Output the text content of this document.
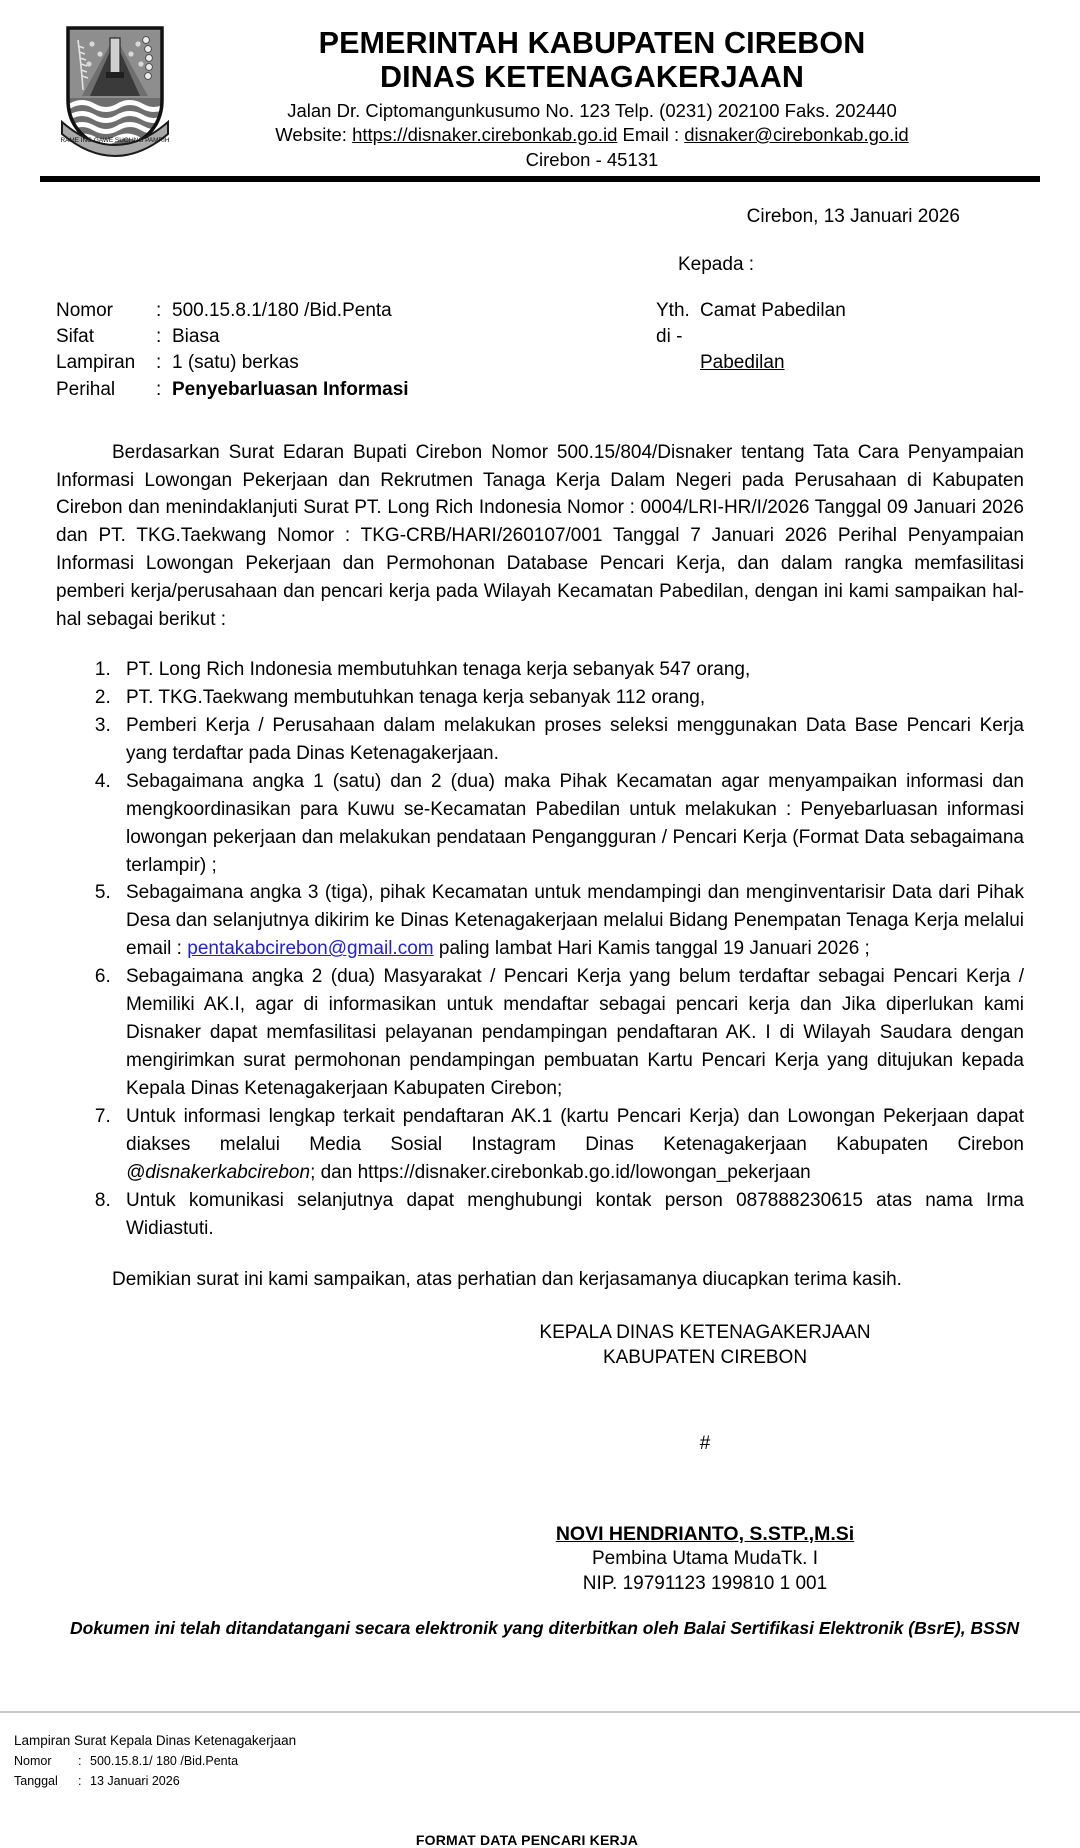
RAME ING GAWE SUCI ING PAMRIH
PEMERINTAH KABUPATEN CIREBON
DINAS KETENAGAKERJAAN
Jalan Dr. Ciptomangunkusumo No. 123 Telp. (0231) 202100 Faks. 202440
Website: https://disnaker.cirebonkab.go.id Email : disnaker@cirebonkab.go.id
Cirebon - 45131
Cirebon, 13 Januari 2026
Kepada :
Nomor	:	500.15.8.1/180 /Bid.Penta
Sifat	:	Biasa
Lampiran	:	1 (satu) berkas
Perihal	:	Penyebarluasan Informasi
Yth. Camat Pabedilan
di -
Pabedilan

Berdasarkan Surat Edaran Bupati Cirebon Nomor 500.15/804/Disnaker tentang Tata Cara Penyampaian Informasi Lowongan Pekerjaan dan Rekrutmen Tanaga Kerja Dalam Negeri pada Perusahaan di Kabupaten Cirebon dan menindaklanjuti Surat PT. Long Rich Indonesia Nomor : 0004/LRI-HR/I/2026 Tanggal 09 Januari 2026 dan PT. TKG.Taekwang Nomor : TKG-CRB/HARI/260107/001 Tanggal 7 Januari 2026 Perihal Penyampaian Informasi Lowongan Pekerjaan dan Permohonan Database Pencari Kerja, dan dalam rangka memfasilitasi pemberi kerja/perusahaan dan pencari kerja pada Wilayah Kecamatan Pabedilan, dengan ini kami sampaikan hal-hal sebagai berikut :

1. PT. Long Rich Indonesia membutuhkan tenaga kerja sebanyak 547 orang,
2. PT. TKG.Taekwang membutuhkan tenaga kerja sebanyak 112 orang,
3. Pemberi Kerja / Perusahaan dalam melakukan proses seleksi menggunakan Data Base Pencari Kerja yang terdaftar pada Dinas Ketenagakerjaan.
4. Sebagaimana angka 1 (satu) dan 2 (dua) maka Pihak Kecamatan agar menyampaikan informasi dan mengkoordinasikan para Kuwu se-Kecamatan Pabedilan untuk melakukan : Penyebarluasan informasi lowongan pekerjaan dan melakukan pendataan Pengangguran / Pencari Kerja (Format Data sebagaimana terlampir) ;
5. Sebagaimana angka 3 (tiga), pihak Kecamatan untuk mendampingi dan menginventarisir Data dari Pihak Desa dan selanjutnya dikirim ke Dinas Ketenagakerjaan melalui Bidang Penempatan Tenaga Kerja melalui email : pentakabcirebon@gmail.com paling lambat Hari Kamis tanggal 19 Januari 2026 ;
6. Sebagaimana angka 2 (dua) Masyarakat / Pencari Kerja yang belum terdaftar sebagai Pencari Kerja / Memiliki AK.I, agar di informasikan untuk mendaftar sebagai pencari kerja dan Jika diperlukan kami Disnaker dapat memfasilitasi pelayanan pendampingan pendaftaran AK. I di Wilayah Saudara dengan mengirimkan surat permohonan pendampingan pembuatan Kartu Pencari Kerja yang ditujukan kepada Kepala Dinas Ketenagakerjaan Kabupaten Cirebon;
7. Untuk informasi lengkap terkait pendaftaran AK.1 (kartu Pencari Kerja) dan Lowongan Pekerjaan dapat diakses melalui Media Sosial Instagram Dinas Ketenagakerjaan Kabupaten Cirebon @disnakerkabcirebon; dan https://disnaker.cirebonkab.go.id/lowongan_pekerjaan
8. Untuk komunikasi selanjutnya dapat menghubungi kontak person 087888230615 atas nama Irma Widiastuti.

Demikian surat ini kami sampaikan, atas perhatian dan kerjasamanya diucapkan terima kasih.

KEPALA DINAS KETENAGAKERJAAN
KABUPATEN CIREBON
#
NOVI HENDRIANTO, S.STP.,M.Si
Pembina Utama MudaTk. I
NIP. 19791123 199810 1 001
Dokumen ini telah ditandatangani secara elektronik yang diterbitkan oleh Balai Sertifikasi Elektronik (BsrE), BSSN
Lampiran Surat Kepala Dinas Ketenagakerjaan
Nomor	:	500.15.8.1/ 180 /Bid.Penta
Tanggal	:	13 Januari 2026
FORMAT DATA PENCARI KERJA
